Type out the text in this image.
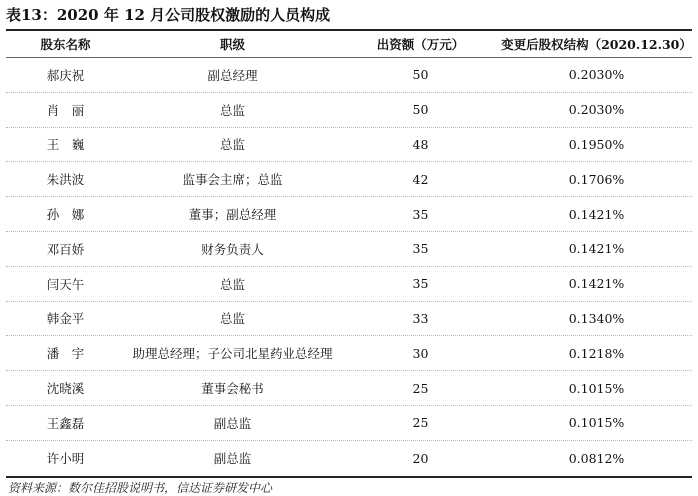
表13：2020 年 12 月公司股权激励的人员构成
股东名称	职级	出资额（万元）	变更后股权结构（2020.12.30）
郝庆祝	副总经理	50	0.2030%
肖　丽	总监	50	0.2030%
王　巍	总监	48	0.1950%
朱洪波	监事会主席；总监	42	0.1706%
孙　娜	董事；副总经理	35	0.1421%
邓百娇	财务负责人	35	0.1421%
闫天午	总监	35	0.1421%
韩金平	总监	33	0.1340%
潘　宇	助理总经理；子公司北星药业总经理	30	0.1218%
沈晓溪	董事会秘书	25	0.1015%
王鑫磊	副总监	25	0.1015%
许小明	副总监	20	0.0812%
资料来源：数尔佳招股说明书，信达证券研发中心
